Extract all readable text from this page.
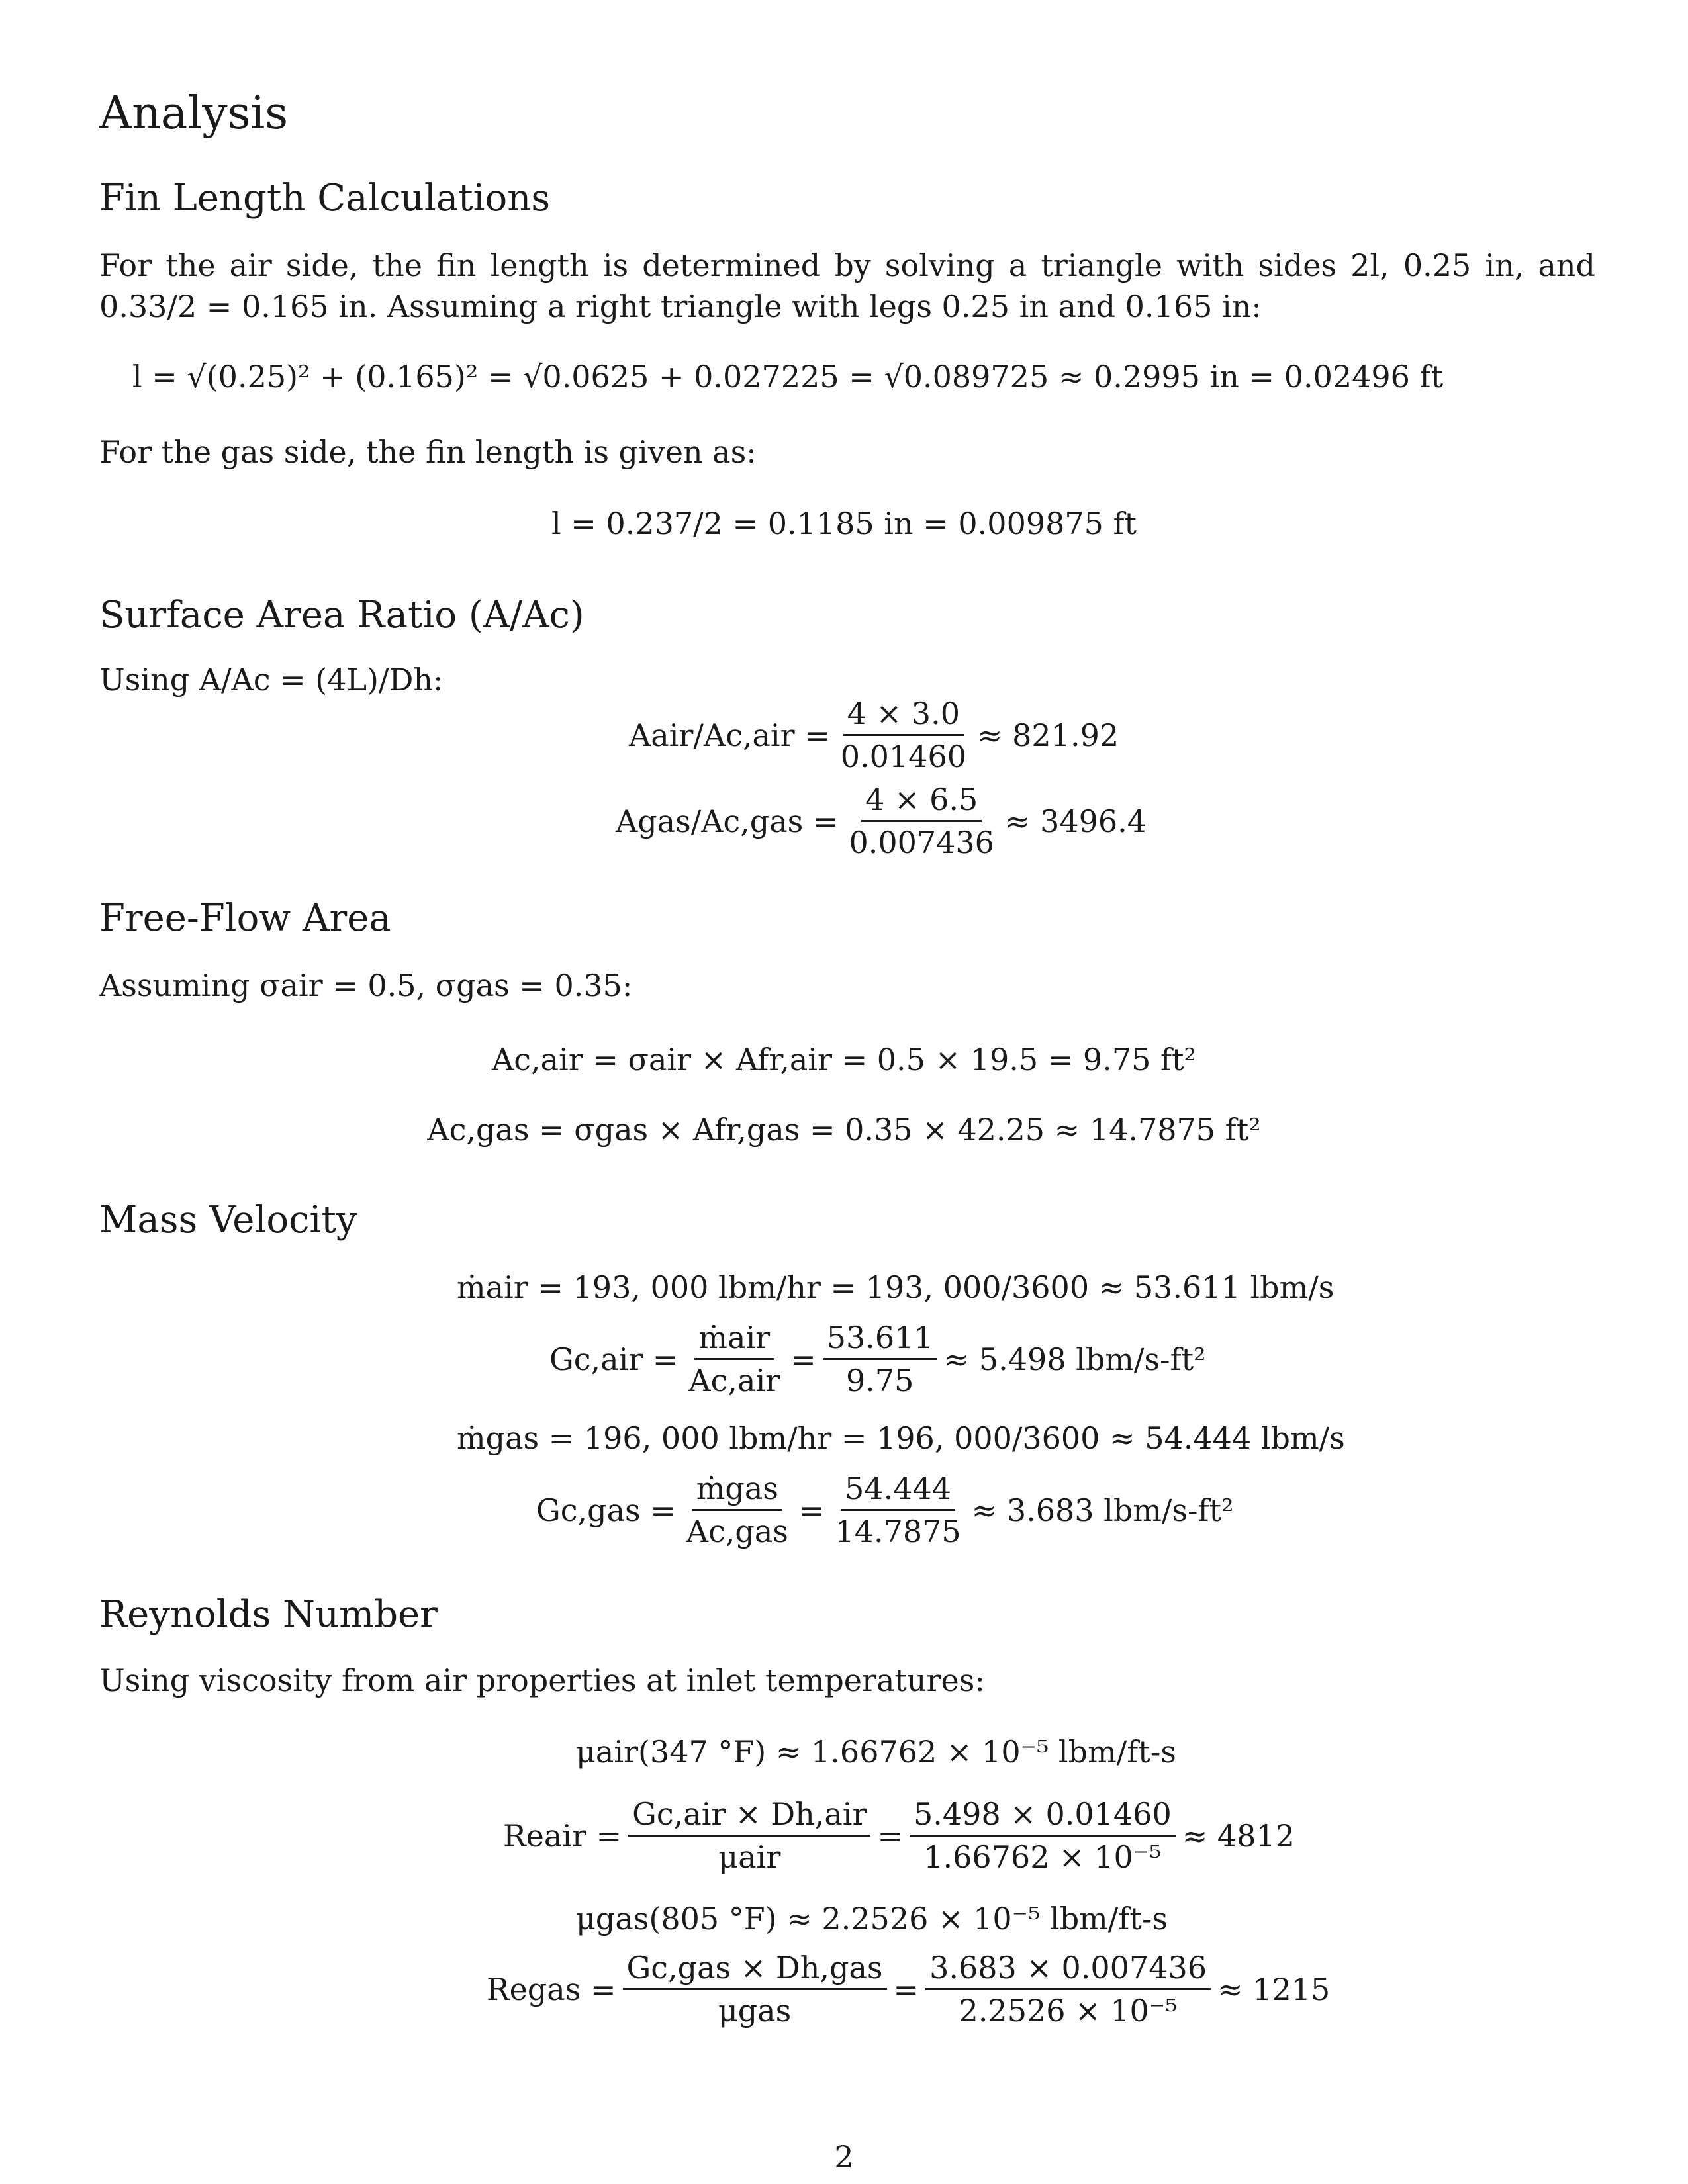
Analysis
Fin Length Calculations
For the air side, the fin length is determined by solving a triangle with sides 2l, 0.25 in, and 0.33/2 = 0.165 in. Assuming a right triangle with legs 0.25 in and 0.165 in:
l = √(0.25)² + (0.165)² = √0.0625 + 0.027225 = √0.089725 ≈ 0.2995 in = 0.02496 ft
For the gas side, the fin length is given as:
l = 0.237/2 = 0.1185 in = 0.009875 ft
Surface Area Ratio (A/Ac)
Using A/Ac = (4L)/Dh:
Aair/Ac,air = $\frac{4 \times 3.0}{0.01460} \approx 821.92$
Agas/Ac,gas = $\frac{4 \times 6.5}{0.007436} \approx 3496.4$
Free-Flow Area
Assuming σair = 0.5, σgas = 0.35:
Ac,air = σair × Afr,air = 0.5 × 19.5 = 9.75 ft²
Ac,gas = σgas × Afr,gas = 0.35 × 42.25 ≈ 14.7875 ft²
Mass Velocity
ṁair = 193, 000 lbm/hr = 193, 000/3600 ≈ 53.611 lbm/s
$Gc,air = \frac{\text{ṁair}}{\text{Ac,air}} = \frac{53.611}{9.75} \approx 5.498$ lbm/s-ft²
ṁgas = 196, 000 lbm/hr = 196, 000/3600 ≈ 54.444 lbm/s
$Gc,gas = \frac{\text{ṁgas}}{\text{Ac,gas}} = \frac{54.444}{14.7875} \approx 3.683$ lbm/s-ft²
Reynolds Number
Using viscosity from air properties at inlet temperatures:
μair(347 °F) ≈ 1.66762 × 10⁻⁵ lbm/ft-s
Reair = $\frac{\text{Gc,air × Dh,air}}{\text{μair}} = \frac{5.498 \times 0.01460}{\text{1.66762 × 10⁻⁵}} \approx 4812$
μgas(805 °F) ≈ 2.2526 × 10⁻⁵ lbm/ft-s
Regas = $\frac{\text{Gc,gas × Dh,gas}}{\text{μgas}} = \frac{3.683 \times 0.007436}{\text{2.2526 × 10⁻⁵}} \approx 1215$
2
